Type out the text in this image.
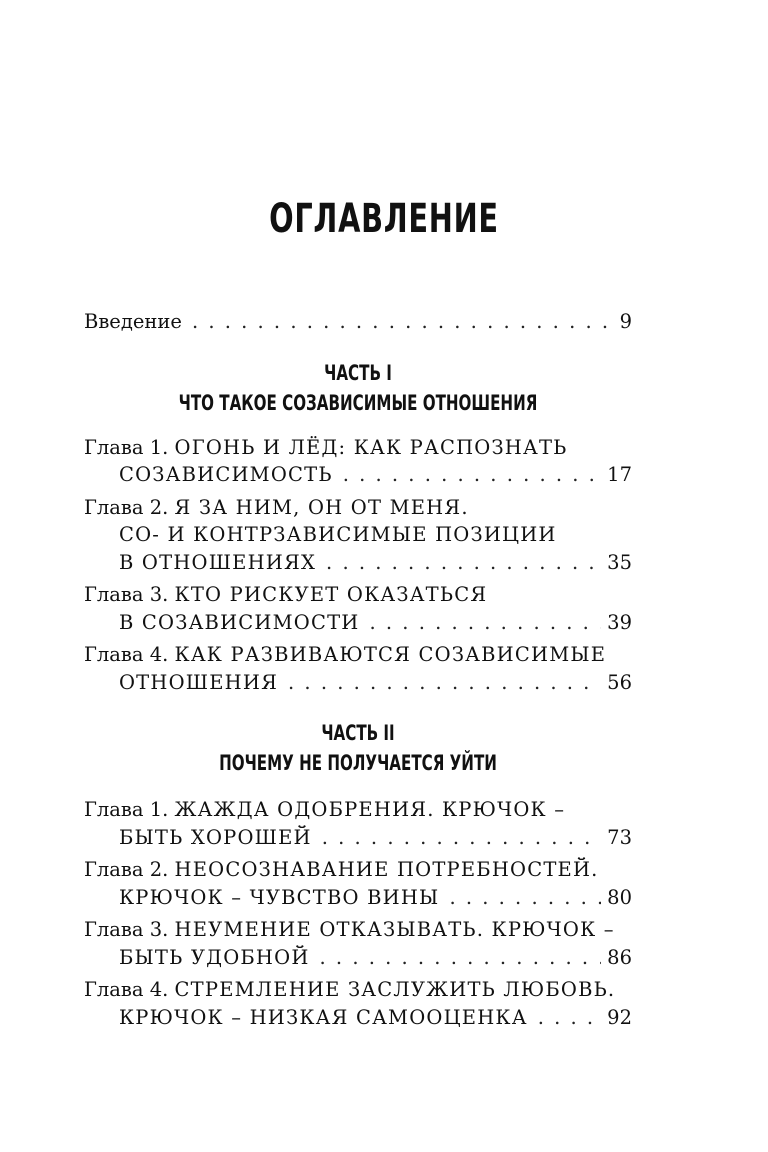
ОГЛАВЛЕНИЕ
Введение . . .	9
ЧАСТЬ I
ЧТО ТАКОЕ СОЗАВИСИМЫЕ ОТНОШЕНИЯ
Глава 1.
ОГОНЬ И ЛЁД: КАК РАСПОЗНАТЬ
СОЗАВИСИМОСТЬ . . .	17
Глава 2.
Я ЗА НИМ, ОН ОТ МЕНЯ.
СО- И КОНТРЗАВИСИМЫЕ ПОЗИЦИИ
В ОТНОШЕНИЯХ . . .	35
Глава 3.
КТО РИСКУЕТ ОКАЗАТЬСЯ
В СОЗАВИСИМОСТИ . . .	39
Глава 4.
КАК РАЗВИВАЮТСЯ СОЗАВИСИМЫЕ
ОТНОШЕНИЯ . . .	56
ЧАСТЬ II
ПОЧЕМУ НЕ ПОЛУЧАЕТСЯ УЙТИ
Глава 1.
ЖАЖДА ОДОБРЕНИЯ. КРЮЧОК –
БЫТЬ ХОРОШЕЙ . . .	73
Глава 2.
НЕОСОЗНАВАНИЕ ПОТРЕБНОСТЕЙ.
КРЮЧОК – ЧУВСТВО ВИНЫ . . .	80
Глава 3.
НЕУМЕНИЕ ОТКАЗЫВАТЬ. КРЮЧОК –
БЫТЬ УДОБНОЙ . . .	86
Глава 4.
СТРЕМЛЕНИЕ ЗАСЛУЖИТЬ ЛЮБОВЬ.
КРЮЧОК – НИЗКАЯ САМООЦЕНКА . . .	92
